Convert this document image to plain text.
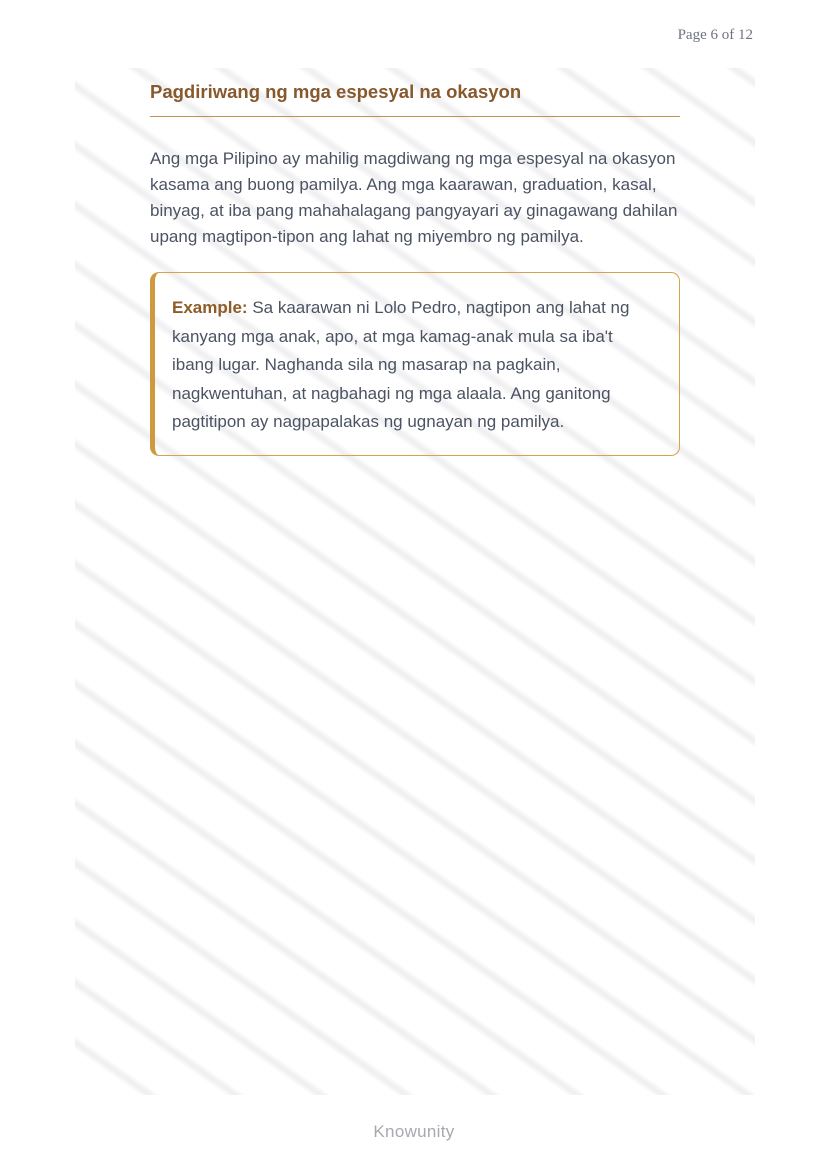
Page 6 of 12
Pagdiriwang ng mga espesyal na okasyon

Ang mga Pilipino ay mahilig magdiwang ng mga espesyal na okasyon kasama ang buong pamilya. Ang mga kaarawan, graduation, kasal, binyag, at iba pang mahahalagang pangyayari ay ginagawang dahilan upang magtipon-tipon ang lahat ng miyembro ng pamilya.

Example: Sa kaarawan ni Lolo Pedro, nagtipon ang lahat ng kanyang mga anak, apo, at mga kamag-anak mula sa iba't ibang lugar. Naghanda sila ng masarap na pagkain, nagkwentuhan, at nagbahagi ng mga alaala. Ang ganitong pagtitipon ay nagpapalakas ng ugnayan ng pamilya.

Knowunity
